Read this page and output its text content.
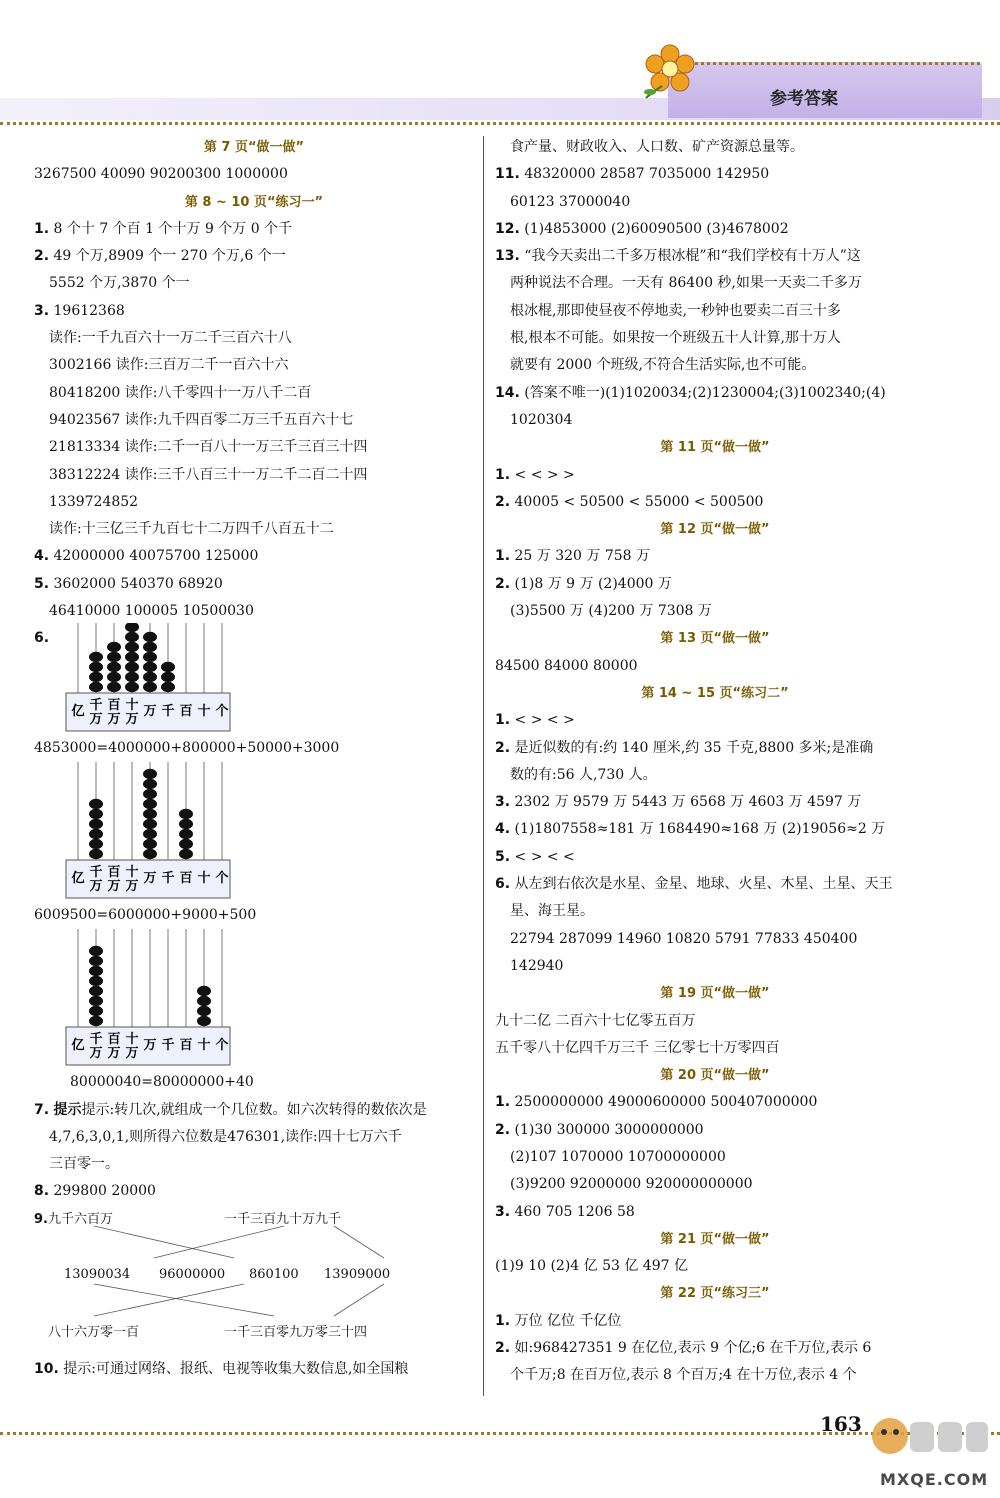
参考答案
第 7 页“做一做”
3267500 40090 90200300 1000000
第 8 ~ 10 页“练习一”
1. 8 个十 7 个百 1 个十万 9 个万 0 个千
2. 49 个万,8909 个一 270 个万,6 个一
5552 个万,3870 个一
3. 19612368
读作:一千九百六十一万二千三百六十八
3002166 读作:三百万二千一百六十六
80418200 读作:八千零四十一万八千二百
94023567 读作:九千四百零二万三千五百六十七
21813334 读作:二千一百八十一万三千三百三十四
38312224 读作:三千八百三十一万二千二百二十四
1339724852
读作:十三亿三千九百七十二万四千八百五十二
4. 42000000 40075700 125000
5. 3602000 540370 68920
46410000 100005 10500030
6.
亿 千
万
百
万
十
万
万 千 百 十 个
4853000=4000000+800000+50000+3000
亿 千
万
百
万
十
万
万 千 百 十 个
6009500=6000000+9000+500
亿 千
万
百
万
十
万
万 千 百 十 个
80000040=80000000+40
7. 提示提示:转几次,就组成一个几位数。如六次转得的数依次是
4,7,6,3,0,1,则所得六位数是476301,读作:四十七万六千
三百零一。
8. 299800 20000
9. 九千六百万	一千三百九十万九千
13090034 96000000 860100 13909000
八十六万零一百	一千三百零九万零三十四
10. 提示:可通过网络、报纸、电视等收集大数信息,如全国粮
食产量、财政收入、人口数、矿产资源总量等。
11. 48320000 28587 7035000 142950
60123 37000040
12. (1)4853000 (2)60090500 (3)4678002
13. “我今天卖出二千多万根冰棍”和“我们学校有十万人”这
两种说法不合理。一天有 86400 秒,如果一天卖二千多万
根冰棍,那即使昼夜不停地卖,一秒钟也要卖二百三十多
根,根本不可能。如果按一个班级五十人计算,那十万人
就要有 2000 个班级,不符合生活实际,也不可能。
14. (答案不唯一)(1)1020034;(2)1230004;(3)1002340;(4)
1020304
第 11 页“做一做”
1. < < > >
2. 40005 < 50500 < 55000 < 500500
第 12 页“做一做”
1. 25 万 320 万 758 万
2. (1)8 万 9 万 (2)4000 万
(3)5500 万 (4)200 万 7308 万
第 13 页“做一做”
84500 84000 80000
第 14 ~ 15 页“练习二”
1. < > < >
2. 是近似数的有:约 140 厘米,约 35 千克,8800 多米;是准确
数的有:56 人,730 人。
3. 2302 万 9579 万 5443 万 6568 万 4603 万 4597 万
4. (1)1807558≈181 万 1684490≈168 万 (2)19056≈2 万
5. < > < <
6. 从左到右依次是水星、金星、地球、火星、木星、土星、天王
星、海王星。
22794 287099 14960 10820 5791 77833 450400
142940
第 19 页“做一做”
九十二亿 二百六十七亿零五百万
五千零八十亿四千万三千 三亿零七十万零四百
第 20 页“做一做”
1. 2500000000 49000600000 500407000000
2. (1)30 300000 3000000000
(2)107 1070000 10700000000
(3)9200 92000000 920000000000
3. 460 705 1206 58
第 21 页“做一做”
(1)9 10 (2)4 亿 53 亿 497 亿
第 22 页“练习三”
1. 万位 亿位 千亿位
2. 如:968427351 9 在亿位,表示 9 个亿;6 在千万位,表示 6
个千万;8 在百万位,表示 8 个百万;4 在十万位,表示 4 个
163
MXQE.COM
